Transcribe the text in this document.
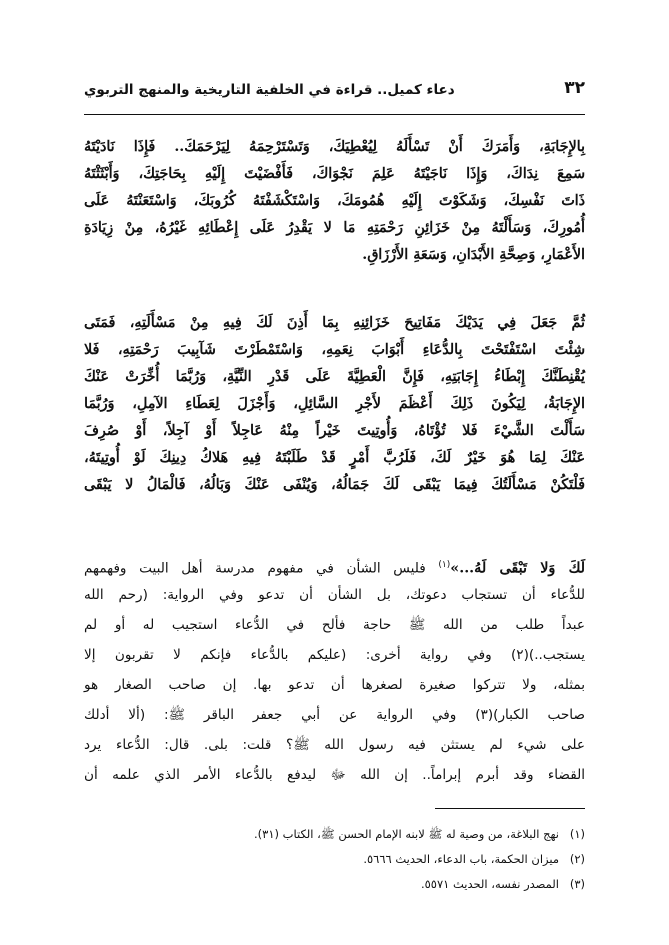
٣٢
دعاء كميل.. قراءة في الخلفية التاريخية والمنهج التربوي
بِالإِجَابَةِ، وَأَمَرَكَ أَنْ تَسْأَلَهُ لِيُعْطِيَكَ، وَتَسْتَرْحِمَهُ لِيَرْحَمَكَ.. فَإِذَا نَادَيْتَهُ
سَمِعَ نِدَاكَ، وَإِذَا نَاجَيْتَهُ عَلِمَ نَجْوَاكَ، فَأَفْضَيْتَ إِلَيْهِ بِحَاجَتِكَ، وَأَبْثَثْتَهُ
ذَاتَ نَفْسِكَ، وَشَكَوْتَ إِلَيْهِ هُمُومَكَ، وَاسْتَكْشَفْتَهُ كُرُوبَكَ، وَاسْتَعَنْتَهُ عَلَى
أُمُورِكَ، وَسَأَلْتَهُ مِنْ خَزَائِنِ رَحْمَتِهِ مَا لا يَقْدِرُ عَلَى إِعْطَائِهِ غَيْرُهُ، مِنْ زِيَادَةِ
الأَعْمَارِ، وَصِحَّةِ الأَبْدَانِ، وَسَعَةِ الأَرْزَاقِ.
ثُمَّ جَعَلَ فِي يَدَيْكَ مَفَاتِيحَ خَزَائِنِهِ بِمَا أَذِنَ لَكَ فِيهِ مِنْ مَسْأَلَتِهِ، فَمَتَى
شِئْتَ اسْتَفْتَحْتَ بِالدُّعَاءِ أَبْوَابَ نِعَمِهِ، وَاسْتَمْطَرْتَ شَآبِيبَ رَحْمَتِهِ، فَلا
يُقْنِطَنَّكَ إِبْطَاءُ إِجَابَتِهِ، فَإِنَّ الْعَطِيَّةَ عَلَى قَدْرِ النِّيَّةِ، وَرُبَّمَا أُخِّرَتْ عَنْكَ
الإِجَابَةُ، لِيَكُونَ ذَلِكَ أَعْظَمَ لأَجْرِ السَّائِلِ، وَأَجْزَلَ لِعَطَاءِ الآمِلِ، وَرُبَّمَا
سَأَلْتَ الشَّيْءَ فَلا تُؤْتَاهُ، وَأُوتِيتَ خَيْراً مِنْهُ عَاجِلاً أَوْ آجِلاً، أَوْ صُرِفَ
عَنْكَ لِمَا هُوَ خَيْرٌ لَكَ، فَلَرُبَّ أَمْرٍ قَدْ طَلَبْتَهُ فِيهِ هَلاكُ دِينِكَ لَوْ أُوتِيتَهُ،
فَلْتَكُنْ مَسْأَلَتُكَ فِيمَا يَبْقَى لَكَ جَمَالُهُ، وَيُنْفَى عَنْكَ وَبَالُهُ، فَالْمَالُ لا يَبْقَى
لَكَ وَلا تَبْقَى لَهُ...»$^{(١)}$ فليس الشأن في مفهوم مدرسة أهل البيت وفهمهم
للدُّعاء أن تستجاب دعوتك، بل الشأن أن تدعو وفي الرواية: (رحم الله
عبداً طلب من الله ﷺ حاجة فألح في الدُّعاء استجيب له أو لم
يستجب..)(٢) وفي رواية أخرى: (عليكم بالدُّعاء فإنكم لا تقربون إلا
بمثله، ولا تتركوا صغيرة لصغرها أن تدعو بها. إن صاحب الصغار هو
صاحب الكبار)(٣) وفي الرواية عن أبي جعفر الباقر ﷺ: (ألا أدلك
على شيء لم يستثن فيه رسول الله ﷺ؟ قلت: بلى. قال: الدُّعاء يرد
القضاء وقد أبرم إبراماً.. إن الله ﷻ ليدفع بالدُّعاء الأمر الذي علمه أن
(١)نهج البلاغة، من وصية له ﷺ لابنه الإمام الحسن ﷺ، الكتاب (٣١).
(٢)ميزان الحكمة، باب الدعاء، الحديث ٥٦٦٦.
(٣)المصدر نفسه، الحديث ٥٥٧١.
